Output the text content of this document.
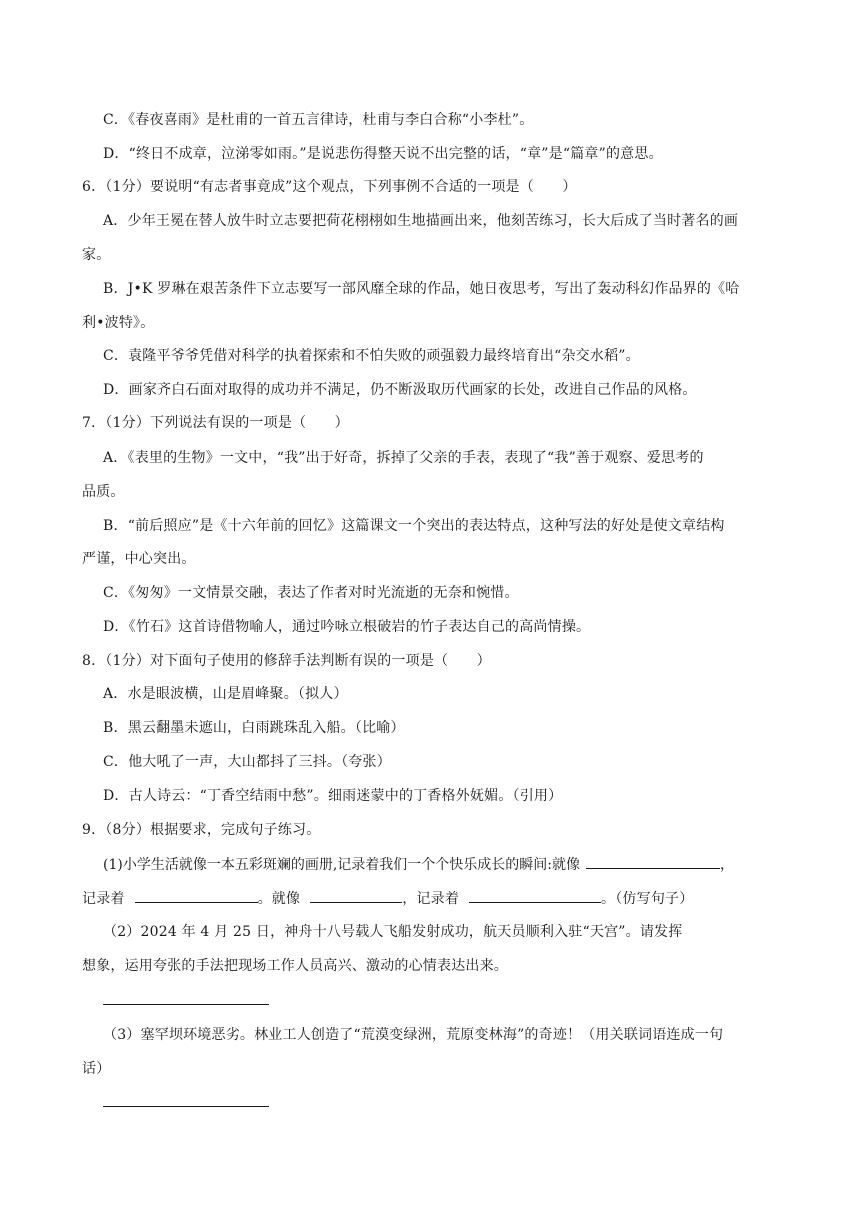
C．《春夜喜雨》是杜甫的一首五言律诗，杜甫与李白合称“小李杜”。
D．“终日不成章，泣涕零如雨。”是说悲伤得整天说不出完整的话，“章”是“篇章”的意思。
6．（1分）要说明“有志者事竟成”这个观点，下列事例不合适的一项是（　　）
A．少年王冕在替人放牛时立志要把荷花栩栩如生地描画出来，他刻苦练习，长大后成了当时著名的画
家。
B．J•K 罗琳在艰苦条件下立志要写一部风靡全球的作品，她日夜思考，写出了轰动科幻作品界的《哈
利•波特》。
C．袁隆平爷爷凭借对科学的执着探索和不怕失败的顽强毅力最终培育出“杂交水稻”。
D．画家齐白石面对取得的成功并不满足，仍不断汲取历代画家的长处，改进自己作品的风格。
7．（1分）下列说法有误的一项是（　　）
A．《表里的生物》一文中，“我”出于好奇，拆掉了父亲的手表，表现了“我”善于观察、爱思考的
品质。
B．“前后照应”是《十六年前的回忆》这篇课文一个突出的表达特点，这种写法的好处是使文章结构
严谨，中心突出。
C．《匆匆》一文情景交融，表达了作者对时光流逝的无奈和惋惜。
D．《竹石》这首诗借物喻人，通过吟咏立根破岩的竹子表达自己的高尚情操。
8．（1分）对下面句子使用的修辞手法判断有误的一项是（　　）
A．水是眼波横，山是眉峰聚。（拟人）
B．黑云翻墨未遮山，白雨跳珠乱入船。（比喻）
C．他大吼了一声，大山都抖了三抖。（夸张）
D．古人诗云：“丁香空结雨中愁”。细雨迷蒙中的丁香格外妩媚。（引用）
9．（8分）根据要求，完成句子练习。
(1)小学生活就像一本五彩斑斓的画册,记录着我们一个个快乐成长的瞬间:就像	，
记录着	。就像	，记录着	。（仿写句子）
（2）2024 年 4 月 25 日，神舟十八号载人飞船发射成功，航天员顺利入驻“天宫”。请发挥
想象，运用夸张的手法把现场工作人员高兴、激动的心情表达出来。
（3）塞罕坝环境恶劣。林业工人创造了“荒漠变绿洲，荒原变林海”的奇迹！（用关联词语连成一句
话）
